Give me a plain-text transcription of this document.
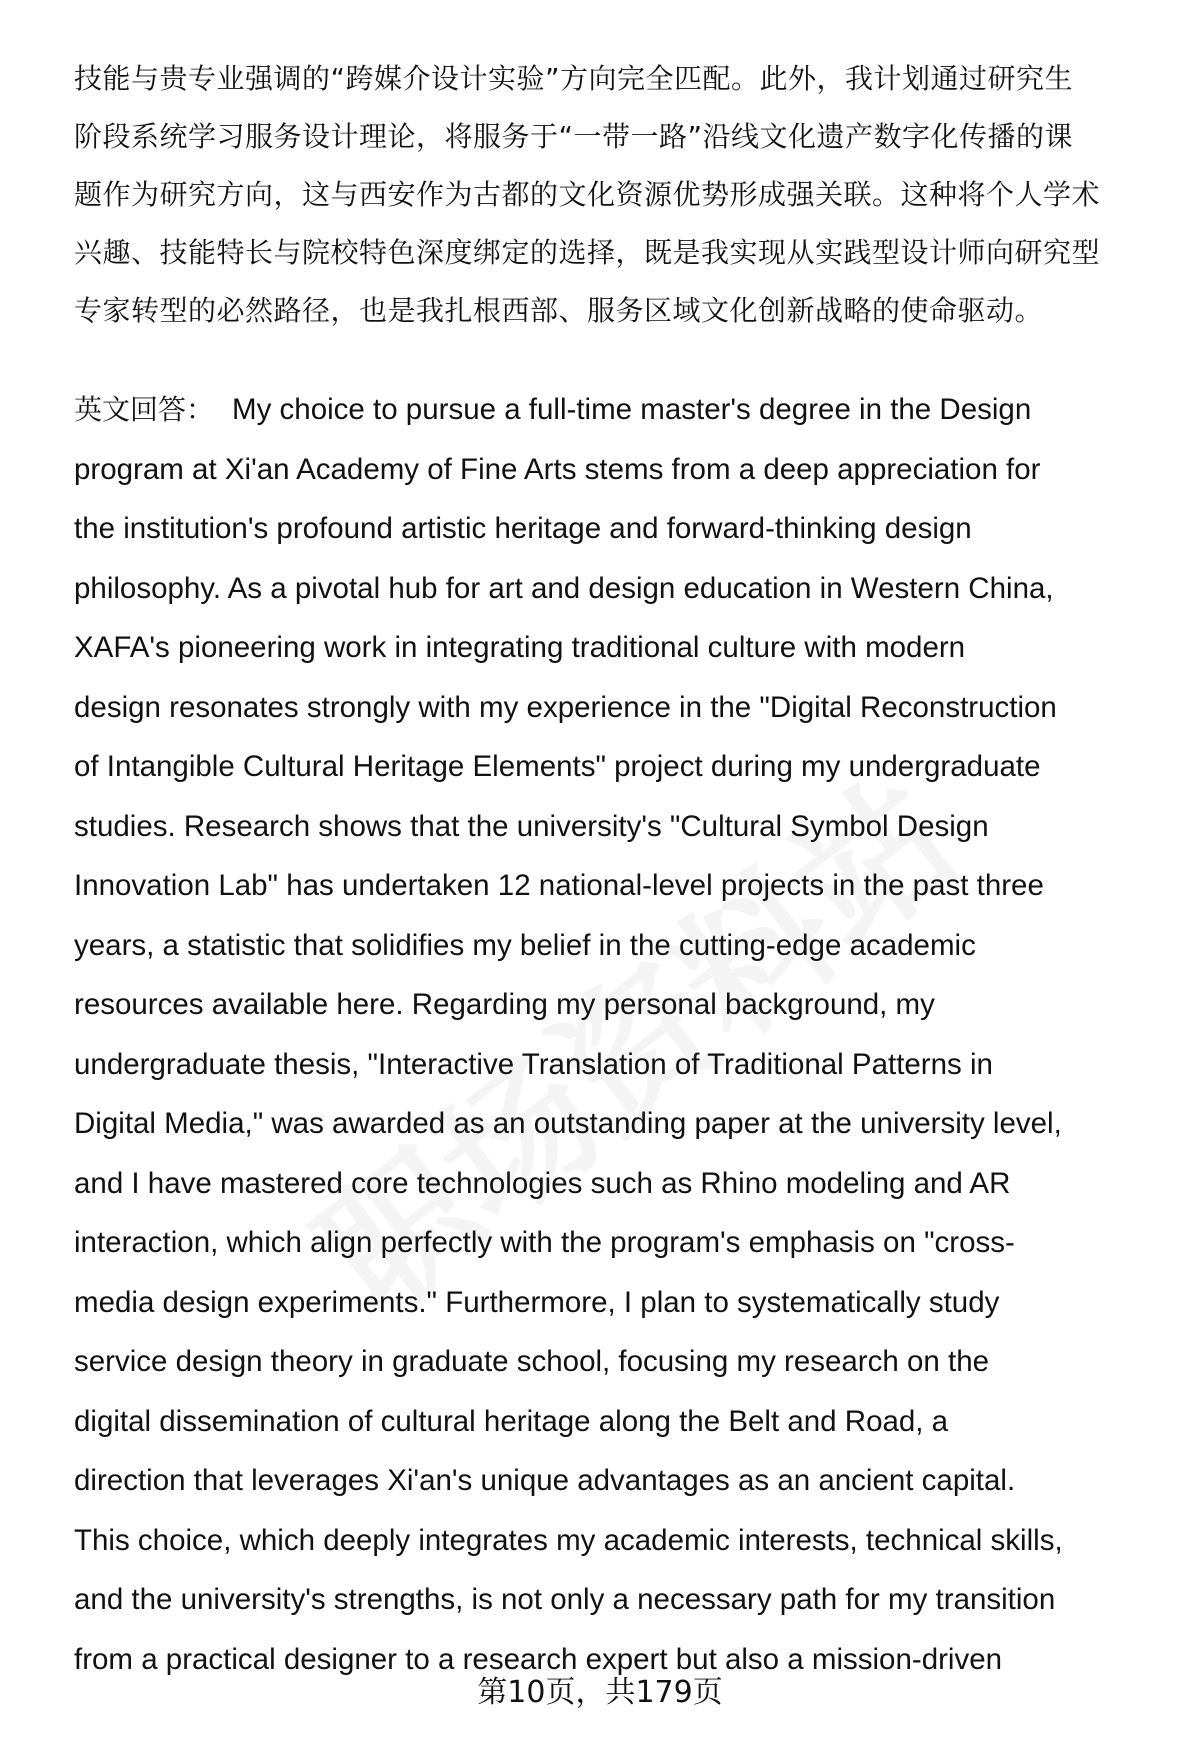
技能与贵专业强调的“跨媒介设计实验”方向完全匹配。此外，我计划通过研究生
阶段系统学习服务设计理论，将服务于“一带一路”沿线文化遗产数字化传播的课
题作为研究方向，这与西安作为古都的文化资源优势形成强关联。这种将个人学术
兴趣、技能特长与院校特色深度绑定的选择，既是我实现从实践型设计师向研究型
专家转型的必然路径，也是我扎根西部、服务区域文化创新战略的使命驱动。

英文回答： My choice to pursue a full-time master's degree in the Design
program at Xi'an Academy of Fine Arts stems from a deep appreciation for
the institution's profound artistic heritage and forward-thinking design
philosophy. As a pivotal hub for art and design education in Western China,
XAFA's pioneering work in integrating traditional culture with modern
design resonates strongly with my experience in the "Digital Reconstruction
of Intangible Cultural Heritage Elements" project during my undergraduate
studies. Research shows that the university's "Cultural Symbol Design
Innovation Lab" has undertaken 12 national-level projects in the past three
years, a statistic that solidifies my belief in the cutting-edge academic
resources available here. Regarding my personal background, my
undergraduate thesis, "Interactive Translation of Traditional Patterns in
Digital Media," was awarded as an outstanding paper at the university level,
and I have mastered core technologies such as Rhino modeling and AR
interaction, which align perfectly with the program's emphasis on "cross-
media design experiments." Furthermore, I plan to systematically study
service design theory in graduate school, focusing my research on the
digital dissemination of cultural heritage along the Belt and Road, a
direction that leverages Xi'an's unique advantages as an ancient capital.
This choice, which deeply integrates my academic interests, technical skills,
and the university's strengths, is not only a necessary path for my transition
from a practical designer to a research expert but also a mission-driven

第10页，共179页
